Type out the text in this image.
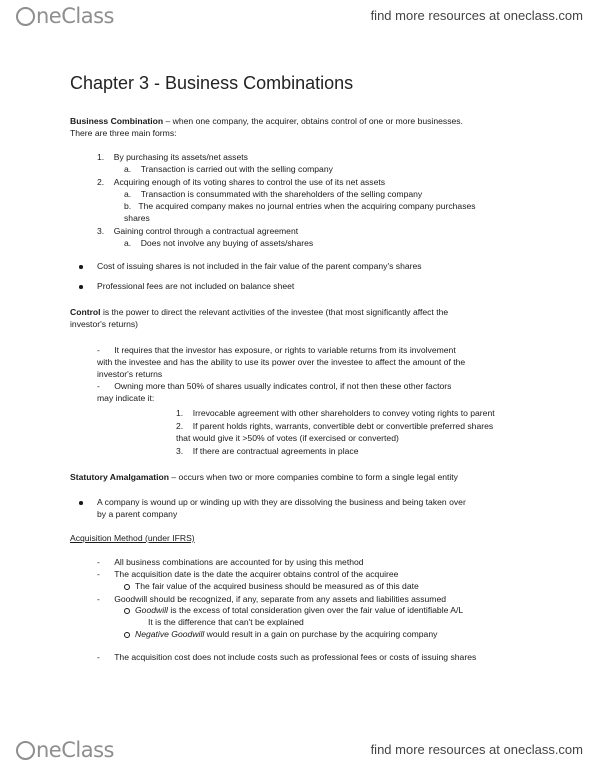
neClass	find more resources at oneclass.com
Chapter 3 - Business Combinations
Business Combination – when one company, the acquirer, obtains control of one or more businesses.
There are three main forms:
1.    By purchasing its assets/net assets
a.    Transaction is carried out with the selling company
2.    Acquiring enough of its voting shares to control the use of its net assets
a.    Transaction is consummated with the shareholders of the selling company
b.   The acquired company makes no journal entries when the acquiring company purchases
shares
3.    Gaining control through a contractual agreement
a.    Does not involve any buying of assets/shares
Cost of issuing shares is not included in the fair value of the parent company's shares
Professional fees are not included on balance sheet
Control is the power to direct the relevant activities of the investee (that most significantly affect the
investor's returns)
-      It requires that the investor has exposure, or rights to variable returns from its involvement
with the investee and has the ability to use its power over the investee to affect the amount of the
investor's returns
-      Owning more than 50% of shares usually indicates control, if not then these other factors
may indicate it:
1.    Irrevocable agreement with other shareholders to convey voting rights to parent
2.    If parent holds rights, warrants, convertible debt or convertible preferred shares
that would give it >50% of votes (if exercised or converted)
3.    If there are contractual agreements in place
Statutory Amalgamation – occurs when two or more companies combine to form a single legal entity
A company is wound up or winding up with they are dissolving the business and being taken over
by a parent company
Acquisition Method (under IFRS)
-      All business combinations are accounted for by using this method
-      The acquisition date is the date the acquirer obtains control of the acquiree
The fair value of the acquired business should be measured as of this date
-      Goodwill should be recognized, if any, separate from any assets and liabilities assumed
Goodwill is the excess of total consideration given over the fair value of identifiable A/L
It is the difference that can't be explained
Negative Goodwill would result in a gain on purchase by the acquiring company
-      The acquisition cost does not include costs such as professional fees or costs of issuing shares
neClass	find more resources at oneclass.com
